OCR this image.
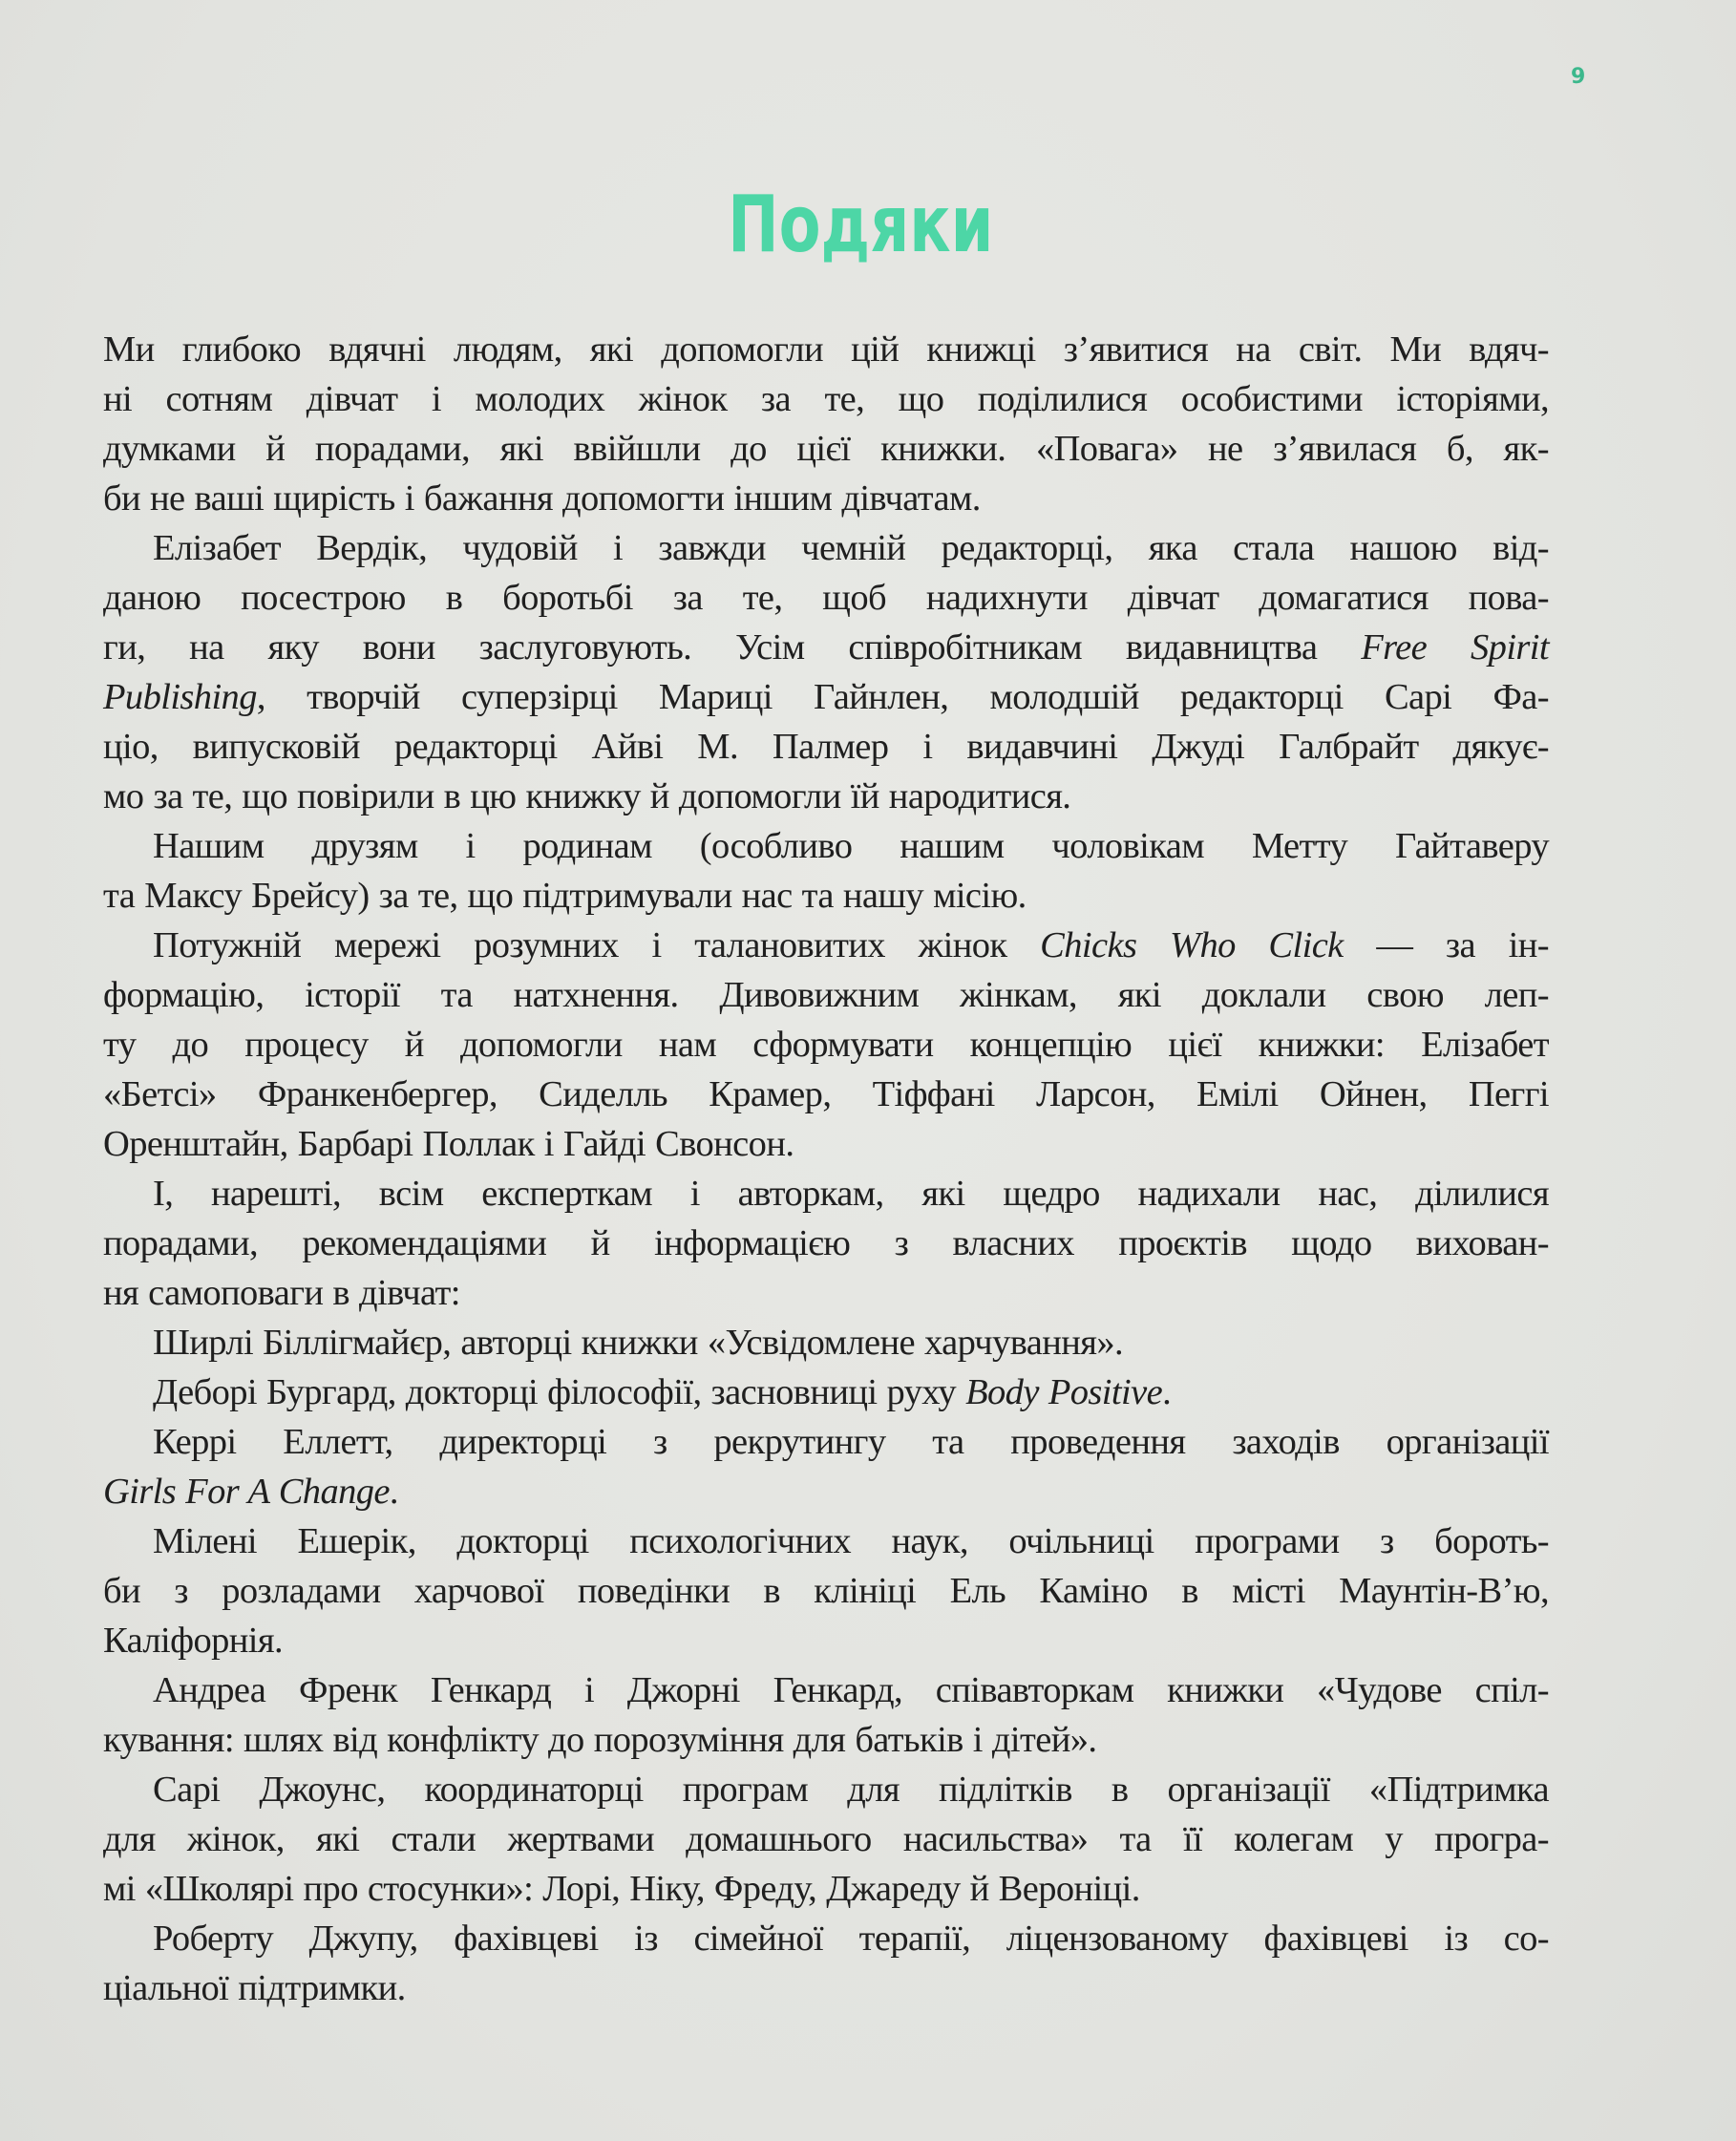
9
Подяки
Ми глибоко вдячні людям, які допомогли цій книжці з’явитися на світ. Ми вдяч-
ні сотням дівчат і молодих жінок за те, що поділилися особистими історіями,
думками й порадами, які ввійшли до цієї книжки. «Повага» не з’явилася б, як-
би не ваші щирість і бажання допомогти іншим дівчатам.
Елізабет Вердік, чудовій і завжди чемній редакторці, яка стала нашою від-
даною посестрою в боротьбі за те, щоб надихнути дівчат домагатися пова-
ги, на яку вони заслуговують. Усім співробітникам видавництва Free Spirit
Publishing, творчій суперзірці Мариці Гайнлен, молодшій редакторці Сарі Фа-
ціо, випусковій редакторці Айві М. Палмер і видавчині Джуді Галбрайт дякує-
мо за те, що повірили в цю книжку й допомогли їй народитися.
Нашим друзям і родинам (особливо нашим чоловікам Метту Гайтаверу
та Максу Брейсу) за те, що підтримували нас та нашу місію.
Потужній мережі розумних і талановитих жінок Chicks Who Click — за ін-
формацію, історії та натхнення. Дивовижним жінкам, які доклали свою леп-
ту до процесу й допомогли нам сформувати концепцію цієї книжки: Елізабет
«Бетсі» Франкенбергер, Сиделль Крамер, Тіффані Ларсон, Емілі Ойнен, Пеггі
Оренштайн, Барбарі Поллак і Гайді Свонсон.
І, нарешті, всім експерткам і авторкам, які щедро надихали нас, ділилися
порадами, рекомендаціями й інформацією з власних проєктів щодо вихован-
ня самоповаги в дівчат:
Ширлі Біллігмайєр, авторці книжки «Усвідомлене харчування».
Деборі Бургард, докторці філософії, засновниці руху Body Positive.
Керрі Еллетт, директорці з рекрутингу та проведення заходів організації
Girls For A Change.
Мілені Ешерік, докторці психологічних наук, очільниці програми з бороть-
би з розладами харчової поведінки в клініці Ель Каміно в місті Маунтін-В’ю,
Каліфорнія.
Андреа Френк Генкард і Джорні Генкард, співавторкам книжки «Чудове спіл-
кування: шлях від конфлікту до порозуміння для батьків і дітей».
Сарі Джоунс, координаторці програм для підлітків в організації «Підтримка
для жінок, які стали жертвами домашнього насильства» та її колегам у програ-
мі «Школярі про стосунки»: Лорі, Ніку, Фреду, Джареду й Вероніці.
Роберту Джупу, фахівцеві із сімейної терапії, ліцензованому фахівцеві із со-
ціальної підтримки.
